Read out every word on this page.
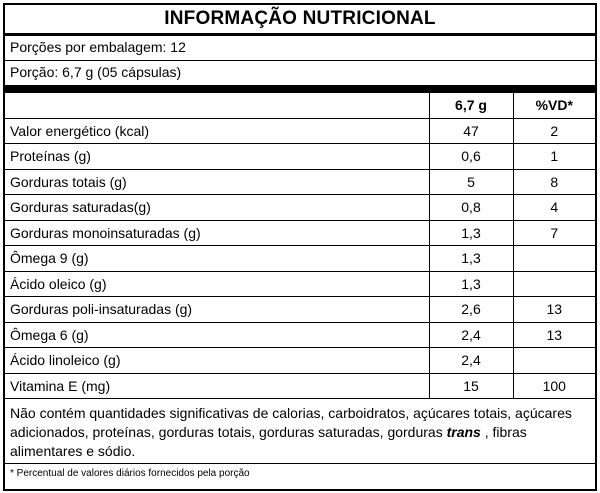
INFORMAÇÃO NUTRICIONAL
Porções por embalagem: 12
Porção: 6,7 g (05 cápsulas)
	6,7 g	%VD*
Valor energético (kcal)	47	2
Proteínas (g)	0,6	1
Gorduras totais (g)	5	8
Gorduras saturadas(g)	0,8	4
Gorduras monoinsaturadas (g)	1,3	7
Ômega 9 (g)	1,3	
Ácido oleico (g)	1,3	
Gorduras poli-insaturadas (g)	2,6	13
Ômega 6 (g)	2,4	13
Ácido linoleico (g)	2,4	
Vitamina E (mg)	15	100
Não contém quantidades significativas de calorias, carboidratos, açúcares totais, açúcares adicionados, proteínas, gorduras totais, gorduras saturadas, gorduras trans , fibras alimentares e sódio.
* Percentual de valores diários fornecidos pela porção
